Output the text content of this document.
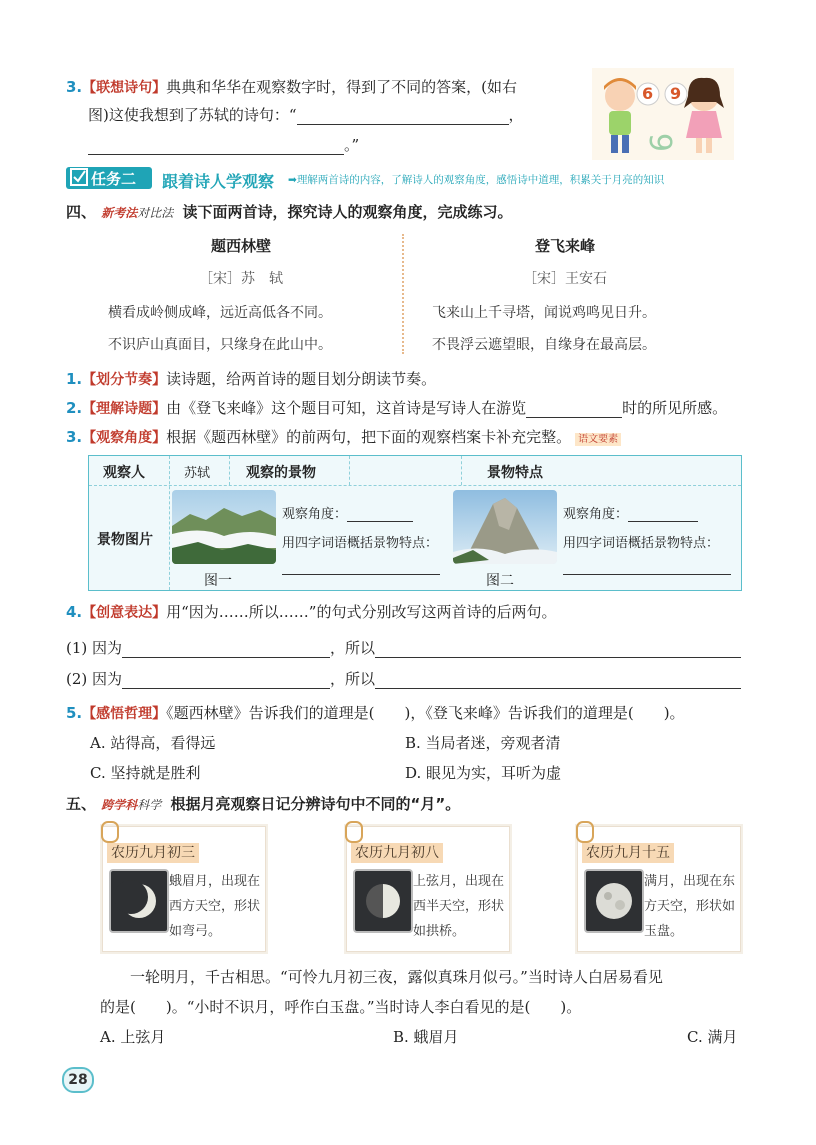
3.【联想诗句】典典和华华在观察数字时，得到了不同的答案，(如右
图)这使我想到了苏轼的诗句：“	，
。”	6
6 9
任务二 跟着诗人学观察 ➡理解两首诗的内容，了解诗人的观察角度，感悟诗中道理，积累关于月亮的知识
四、 新考法对比法 读下面两首诗，探究诗人的观察角度，完成练习。
题西林壁
［宋］苏　轼
横看成岭侧成峰，远近高低各不同。
不识庐山真面目，只缘身在此山中。
登飞来峰
［宋］王安石
飞来山上千寻塔，闻说鸡鸣见日升。
不畏浮云遮望眼，自缘身在最高层。
1.【划分节奏】读诗题，给两首诗的题目划分朗读节奏。
2.【理解诗题】由《登飞来峰》这个题目可知，这首诗是写诗人在游览	时的所见所感。
3.【观察角度】根据《题西林壁》的前两句，把下面的观察档案卡补充完整。 语文要素
观察人	苏轼	观察的景物	景物特点
景物图片
图一
观察角度：
用四字词语概括景物特点：
图二
观察角度：
用四字词语概括景物特点：
4.【创意表达】用“因为……所以……”的句式分别改写这两首诗的后两句。
(1) 因为	，所以
(2) 因为	，所以
5.【感悟哲理】《题西林壁》告诉我们的道理是(　　)，《登飞来峰》告诉我们的道理是(　　)。
A. 站得高，看得远	B. 当局者迷，旁观者清
C. 坚持就是胜利	D. 眼见为实，耳听为虚
五、 跨学科科学 根据月亮观察日记分辨诗句中不同的“月”。
农历九月初三
蛾眉月，出现在西方天空，形状如弯弓。
农历九月初八
上弦月，出现在西半天空，形状如拱桥。
农历九月十五
满月，出现在东方天空，形状如玉盘。
一轮明月，千古相思。“可怜九月初三夜，露似真珠月似弓。”当时诗人白居易看见
的是(　　)。“小时不识月，呼作白玉盘。”当时诗人李白看见的是(　　)。
A. 上弦月	B. 蛾眉月	C. 满月
28
